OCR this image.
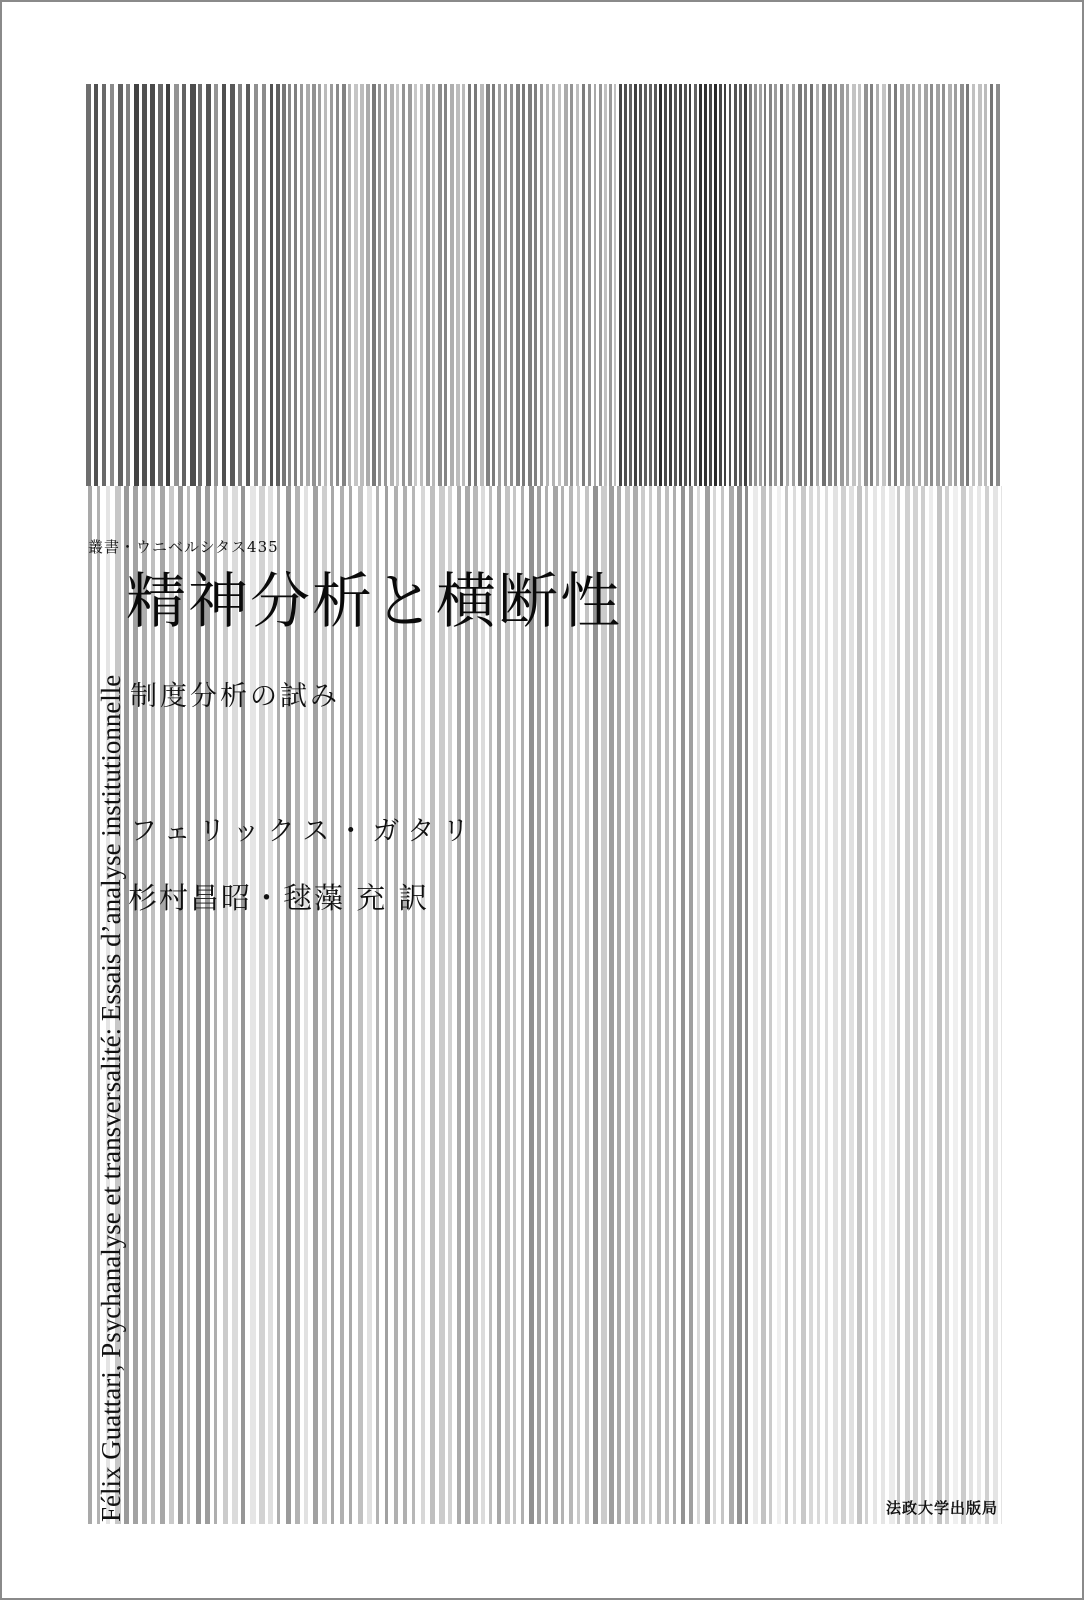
叢書・ウニベルシタス435
精神分析と横断性
制度分析の試み
フェリックス・ガタリ
杉村昌昭・毬藻 充 訳
Félix Guattari, Psychanalyse et transversalité: Essais d’analyse institutionnelle	法政大学出版局
